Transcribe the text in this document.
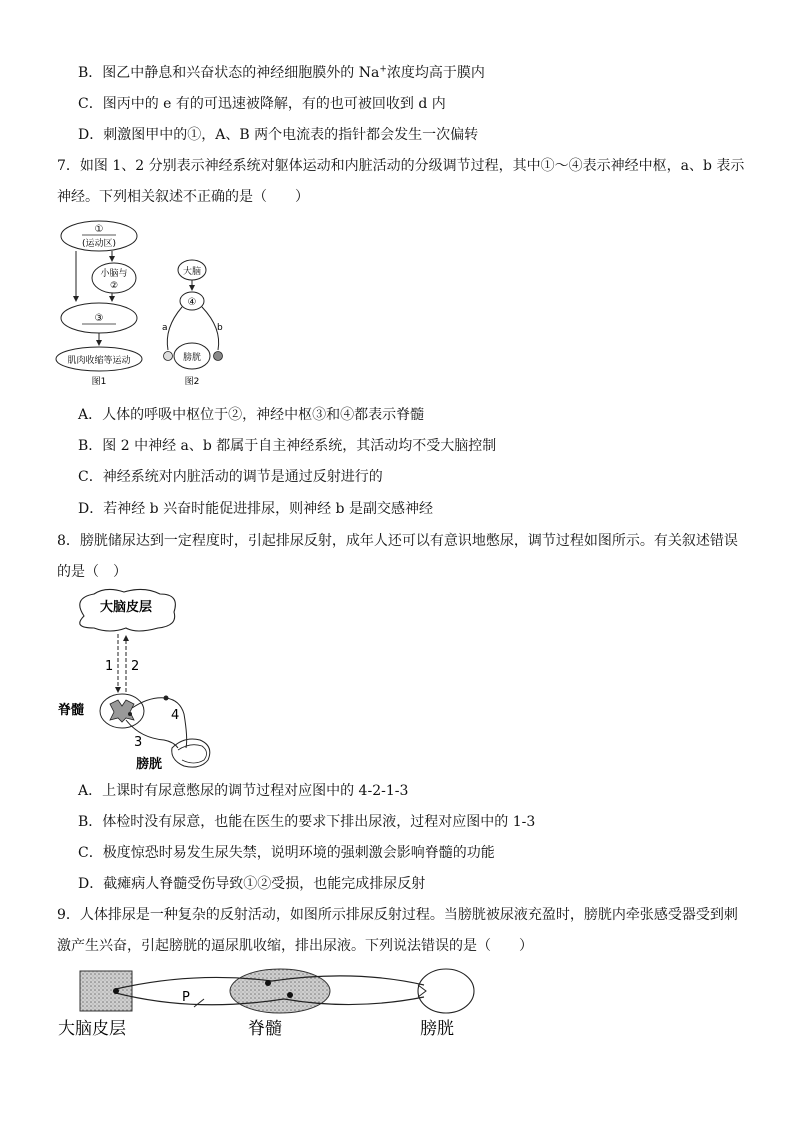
B．图乙中静息和兴奋状态的神经细胞膜外的 Na+浓度均高于膜内
C．图丙中的 e 有的可迅速被降解，有的也可被回收到 d 内
D．刺激图甲中的①，A、B 两个电流表的指针都会发生一次偏转
7．如图 1、2 分别表示神经系统对躯体运动和内脏活动的分级调节过程，其中①～④表示神经中枢，a、b 表示
神经。下列相关叙述不正确的是（　　）
①
(运动区)
小脑与
②
③
肌肉收缩等运动
图1
大脑
④
a	b
膀胱
图2
A．人体的呼吸中枢位于②，神经中枢③和④都表示脊髓
B．图 2 中神经 a、b 都属于自主神经系统，其活动均不受大脑控制
C．神经系统对内脏活动的调节是通过反射进行的
D．若神经 b 兴奋时能促进排尿，则神经 b 是副交感神经
8．膀胱储尿达到一定程度时，引起排尿反射，成年人还可以有意识地憋尿，调节过程如图所示。有关叙述错误
的是（　）
大脑皮层
1 2
脊髓	4
3
膀胱
A．上课时有尿意憋尿的调节过程对应图中的 4-2-1-3
B．体检时没有尿意，也能在医生的要求下排出尿液，过程对应图中的 1-3
C．极度惊恐时易发生尿失禁，说明环境的强刺激会影响脊髓的功能
D．截瘫病人脊髓受伤导致①②受损，也能完成排尿反射
9．人体排尿是一种复杂的反射活动，如图所示排尿反射过程。当膀胱被尿液充盈时，膀胱内牵张感受器受到刺
激产生兴奋，引起膀胱的逼尿肌收缩，排出尿液。下列说法错误的是（　　）
P
大脑皮层	脊髓	膀胱
